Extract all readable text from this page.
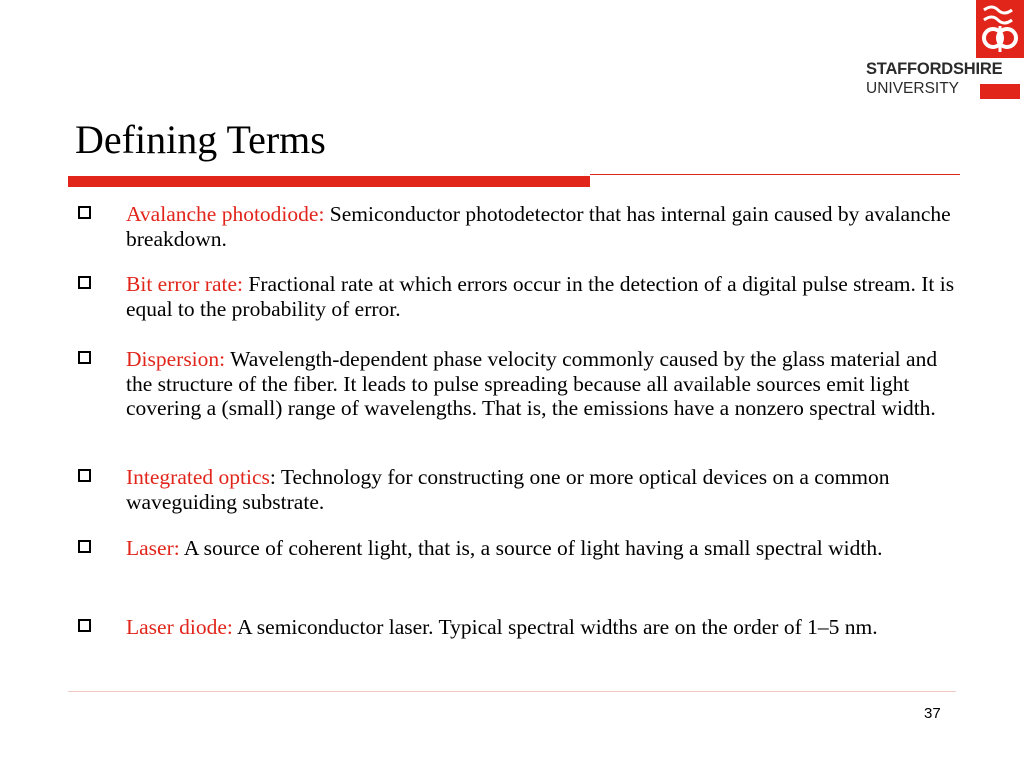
STAFFORDSHIRE
UNIVERSITY
Defining Terms
Avalanche photodiode: Semiconductor photodetector that has internal gain caused by avalanche breakdown.
Bit error rate: Fractional rate at which errors occur in the detection of a digital pulse stream. It is equal to the probability of error.
Dispersion: Wavelength-dependent phase velocity commonly caused by the glass material and the structure of the fiber. It leads to pulse spreading because all available sources emit light covering a (small) range of wavelengths. That is, the emissions have a nonzero spectral width.
Integrated optics: Technology for constructing one or more optical devices on a common waveguiding substrate.
Laser: A source of coherent light, that is, a source of light having a small spectral width.
Laser diode: A semiconductor laser. Typical spectral widths are on the order of 1–5 nm.
37
